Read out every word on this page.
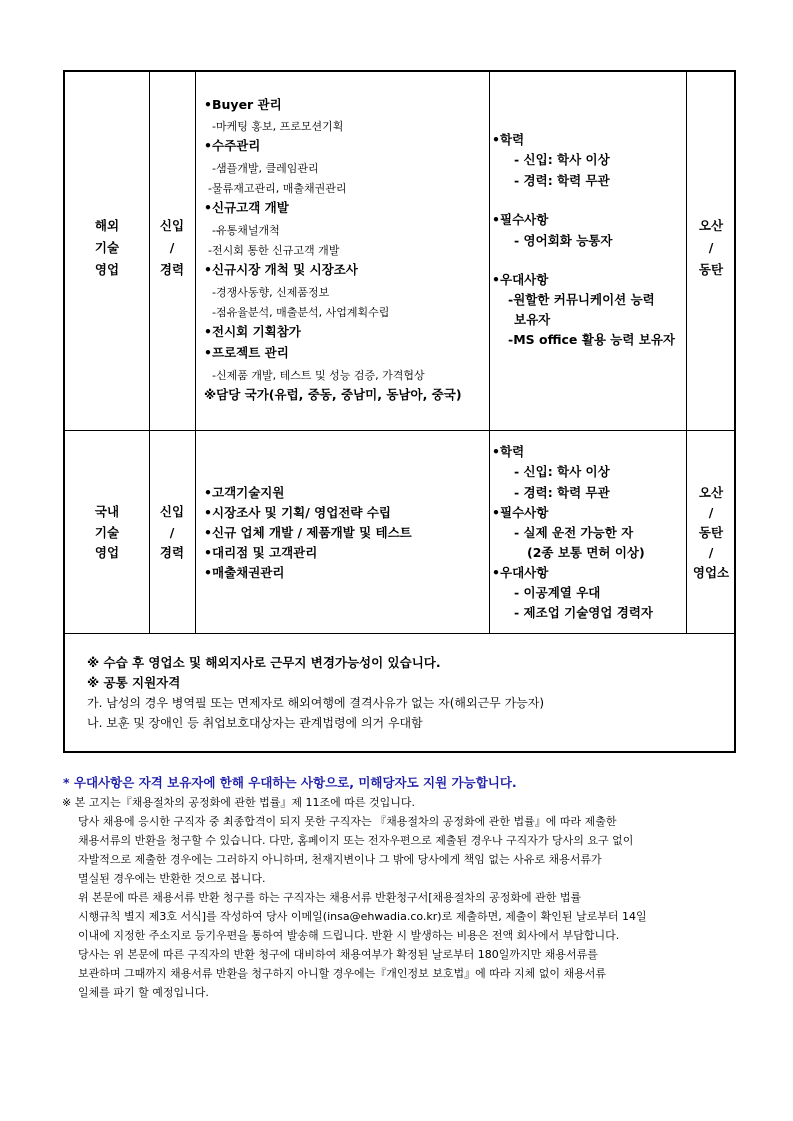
해외
기술
영업
신입
/
경력
•Buyer 관리
-마케팅 홍보, 프로모션기획
•수주관리
-샘플개발, 클레임관리
-물류재고관리, 매출채권관리
•신규고객 개발
-유통채널개척
-전시회 통한 신규고객 개발
•신규시장 개척 및 시장조사
-경쟁사동향, 신제품정보
-점유율분석, 매출분석, 사업계획수립
•전시회 기획참가
•프로젝트 관리
-신제품 개발, 테스트 및 성능 검증, 가격협상
※담당 국가(유럽, 중동, 중남미, 동남아, 중국)
•학력
- 신입: 학사 이상
- 경력: 학력 무관
•필수사항
- 영어회화 능통자
•우대사항
-원할한 커뮤니케이션 능력
보유자
-MS office 활용 능력 보유자
오산
/
동탄
국내
기술
영업
신입
/
경력
•고객기술지원
•시장조사 및 기획/ 영업전략 수립
•신규 업체 개발 / 제품개발 및 테스트
•대리점 및 고객관리
•매출채권관리
•학력
- 신입: 학사 이상
- 경력: 학력 무관
•필수사항
- 실제 운전 가능한 자
(2종 보통 면허 이상)
•우대사항
- 이공계열 우대
- 제조업 기술영업 경력자
오산
/
동탄
/
영업소
※ 수습 후 영업소 및 해외지사로 근무지 변경가능성이 있습니다.
※ 공통 지원자격
가. 남성의 경우 병역필 또는 면제자로 해외여행에 결격사유가 없는 자(해외근무 가능자)
나. 보훈 및 장애인 등 취업보호대상자는 관계법령에 의거 우대함
* 우대사항은 자격 보유자에 한해 우대하는 사항으로, 미해당자도 지원 가능합니다.
※ 본 고지는『채용절차의 공정화에 관한 법률』제 11조에 따른 것입니다.
당사 채용에 응시한 구직자 중 최종합격이 되지 못한 구직자는 『채용절차의 공정화에 관한 법률』에 따라 제출한
채용서류의 반환을 청구할 수 있습니다. 다만, 홈페이지 또는 전자우편으로 제출된 경우나 구직자가 당사의 요구 없이
자발적으로 제출한 경우에는 그러하지 아니하며, 천재지변이나 그 밖에 당사에게 책임 없는 사유로 채용서류가
멸실된 경우에는 반환한 것으로 봅니다.
위 본문에 따른 채용서류 반환 청구를 하는 구직자는 채용서류 반환청구서[채용절차의 공정화에 관한 법률
시행규칙 별지 제3호 서식]를 작성하여 당사 이메일(insa@ehwadia.co.kr)로 제출하면, 제출이 확인된 날로부터 14일
이내에 지정한 주소지로 등기우편을 통하여 발송해 드립니다. 반환 시 발생하는 비용은 전액 회사에서 부담합니다.
당사는 위 본문에 따른 구직자의 반환 청구에 대비하여 채용여부가 확정된 날로부터 180일까지만 채용서류를
보관하며 그때까지 채용서류 반환을 청구하지 아니할 경우에는『개인정보 보호법』에 따라 지체 없이 채용서류
일체를 파기 할 예정입니다.
